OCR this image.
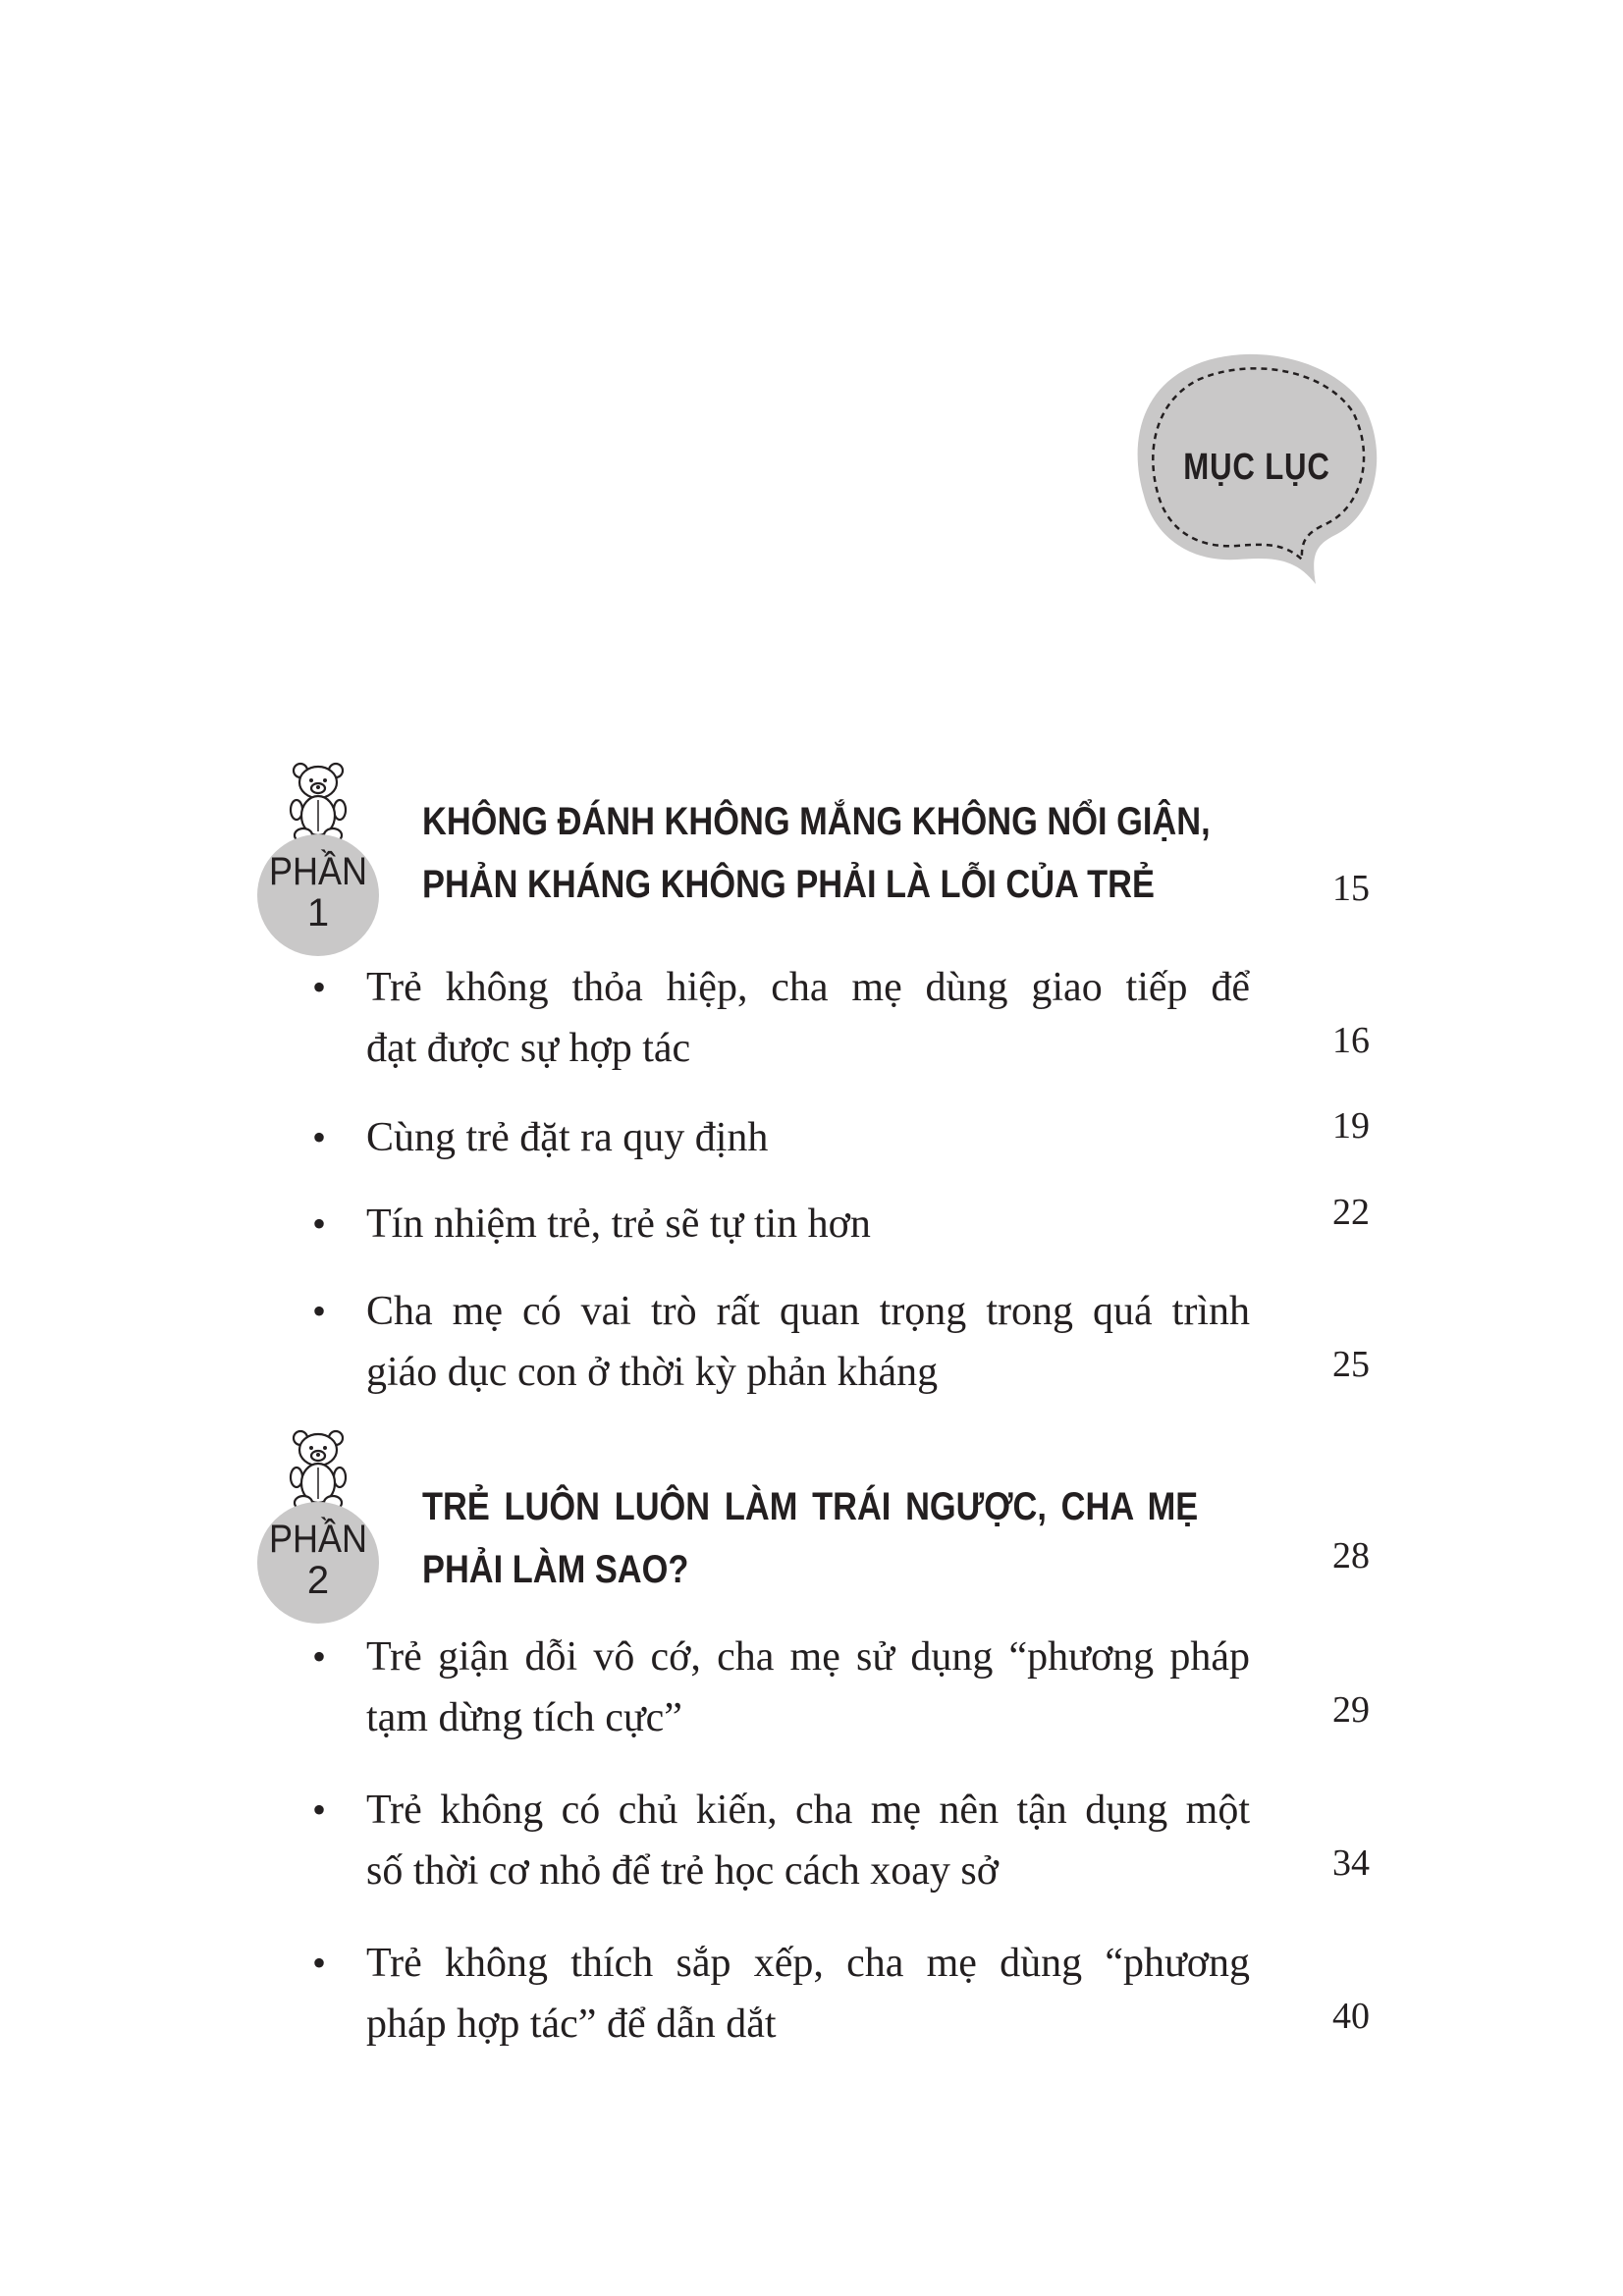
MỤC LỤC
PHẦN
1
KHÔNG ĐÁNH KHÔNG MẮNG KHÔNG NỔI GIẬN,
PHẢN KHÁNG KHÔNG PHẢI LÀ LỖI CỦA TRẺ	15
• Trẻ không thỏa hiệp, cha mẹ dùng giao tiếp để
đạt được sự hợp tác	16
• Cùng trẻ đặt ra quy định	19
• Tín nhiệm trẻ, trẻ sẽ tự tin hơn	22
• Cha mẹ có vai trò rất quan trọng trong quá trình
giáo dục con ở thời kỳ phản kháng	25
PHẦN
2
TRẺ LUÔN LUÔN LÀM TRÁI NGƯỢC, CHA MẸ
PHẢI LÀM SAO?	28
• Trẻ giận dỗi vô cớ, cha mẹ sử dụng “phương pháp
tạm dừng tích cực”	29
• Trẻ không có chủ kiến, cha mẹ nên tận dụng một
số thời cơ nhỏ để trẻ học cách xoay sở	34
• Trẻ không thích sắp xếp, cha mẹ dùng “phương
pháp hợp tác” để dẫn dắt	40
